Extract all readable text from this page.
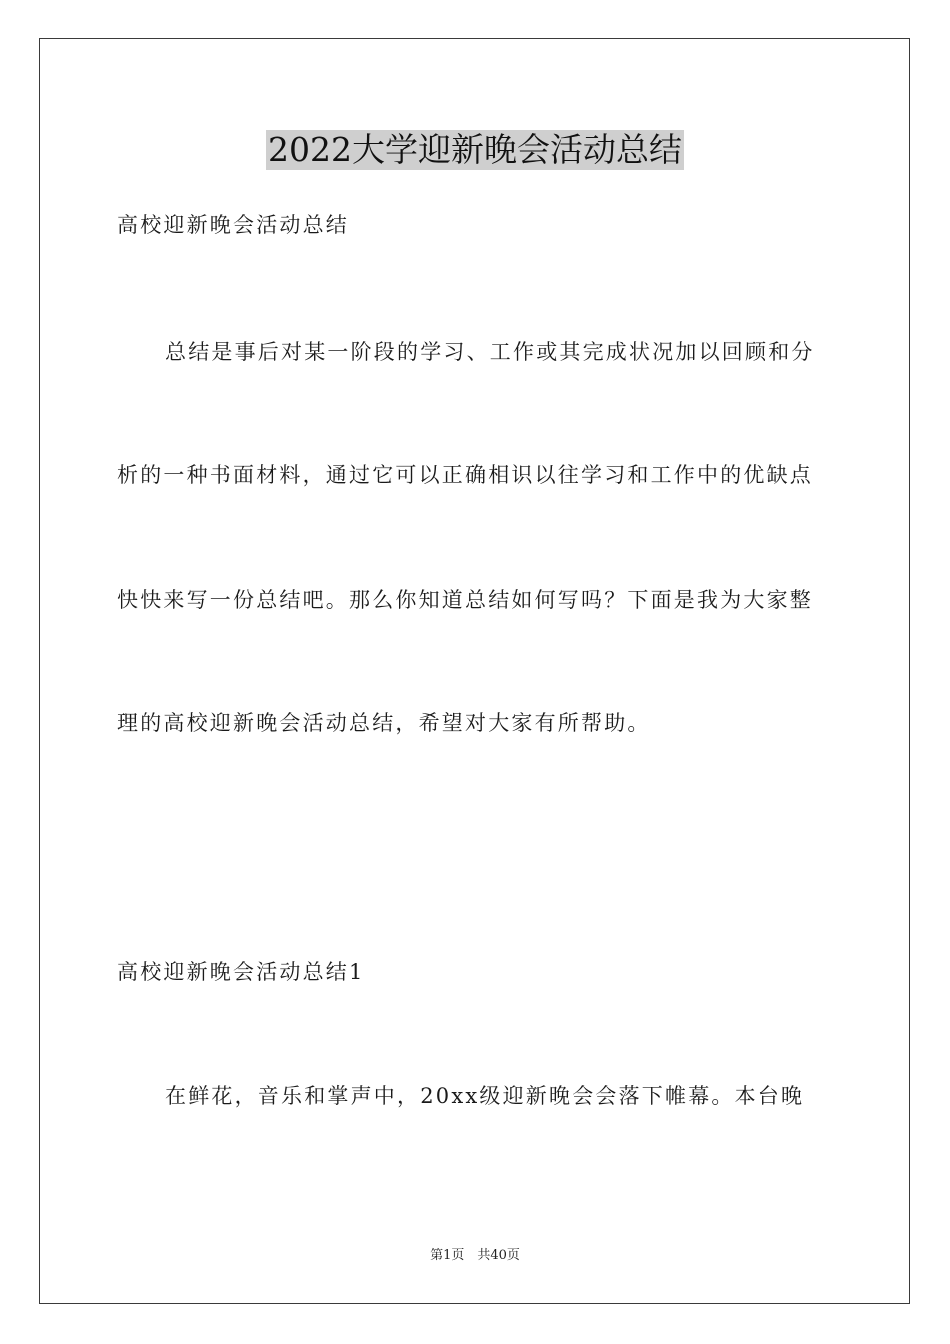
2022大学迎新晚会活动总结
高校迎新晚会活动总结
总结是事后对某一阶段的学习、工作或其完成状况加以回顾和分
析的一种书面材料，通过它可以正确相识以往学习和工作中的优缺点
快快来写一份总结吧。那么你知道总结如何写吗？下面是我为大家整
理的高校迎新晚会活动总结，希望对大家有所帮助。
高校迎新晚会活动总结1
在鲜花，音乐和掌声中，20xx级迎新晚会会落下帷幕。本台晚
第1页　共40页
